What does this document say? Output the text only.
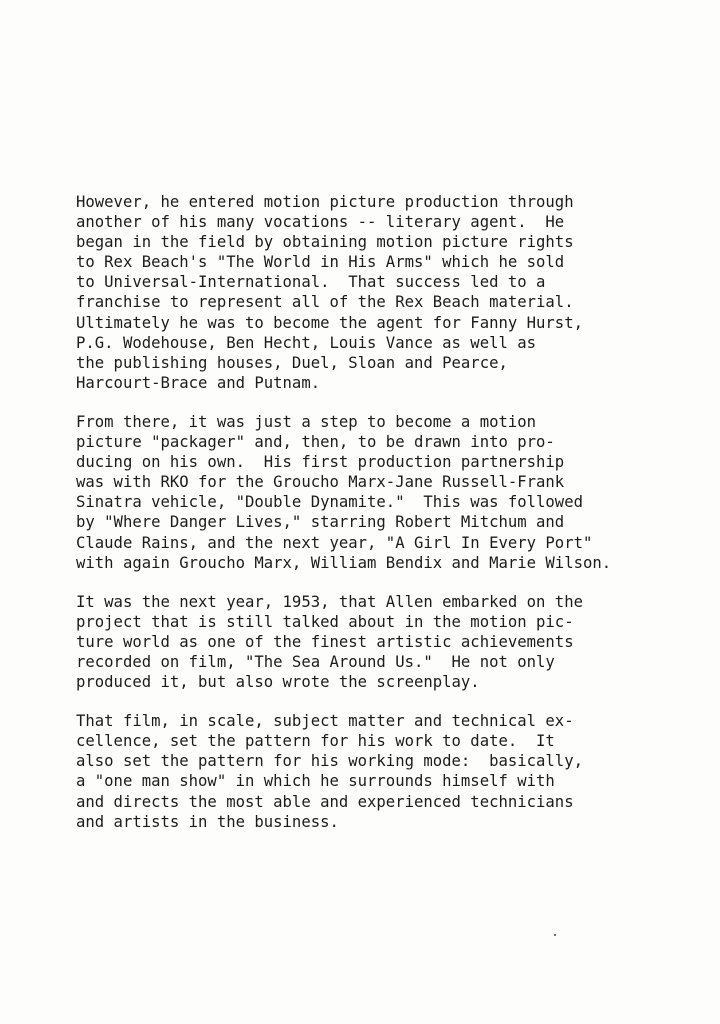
However, he entered motion picture production through
another of his many vocations -- literary agent.  He
began in the field by obtaining motion picture rights
to Rex Beach's "The World in His Arms" which he sold
to Universal-International.  That success led to a
franchise to represent all of the Rex Beach material.
Ultimately he was to become the agent for Fanny Hurst,
P.G. Wodehouse, Ben Hecht, Louis Vance as well as
the publishing houses, Duel, Sloan and Pearce,
Harcourt-Brace and Putnam.
From there, it was just a step to become a motion
picture "packager" and, then, to be drawn into pro-
ducing on his own.  His first production partnership
was with RKO for the Groucho Marx-Jane Russell-Frank
Sinatra vehicle, "Double Dynamite."  This was followed
by "Where Danger Lives," starring Robert Mitchum and
Claude Rains, and the next year, "A Girl In Every Port"
with again Groucho Marx, William Bendix and Marie Wilson.
It was the next year, 1953, that Allen embarked on the
project that is still talked about in the motion pic-
ture world as one of the finest artistic achievements
recorded on film, "The Sea Around Us."  He not only
produced it, but also wrote the screenplay.
That film, in scale, subject matter and technical ex-
cellence, set the pattern for his work to date.  It
also set the pattern for his working mode:  basically,
a "one man show" in which he surrounds himself with
and directs the most able and experienced technicians
and artists in the business.
